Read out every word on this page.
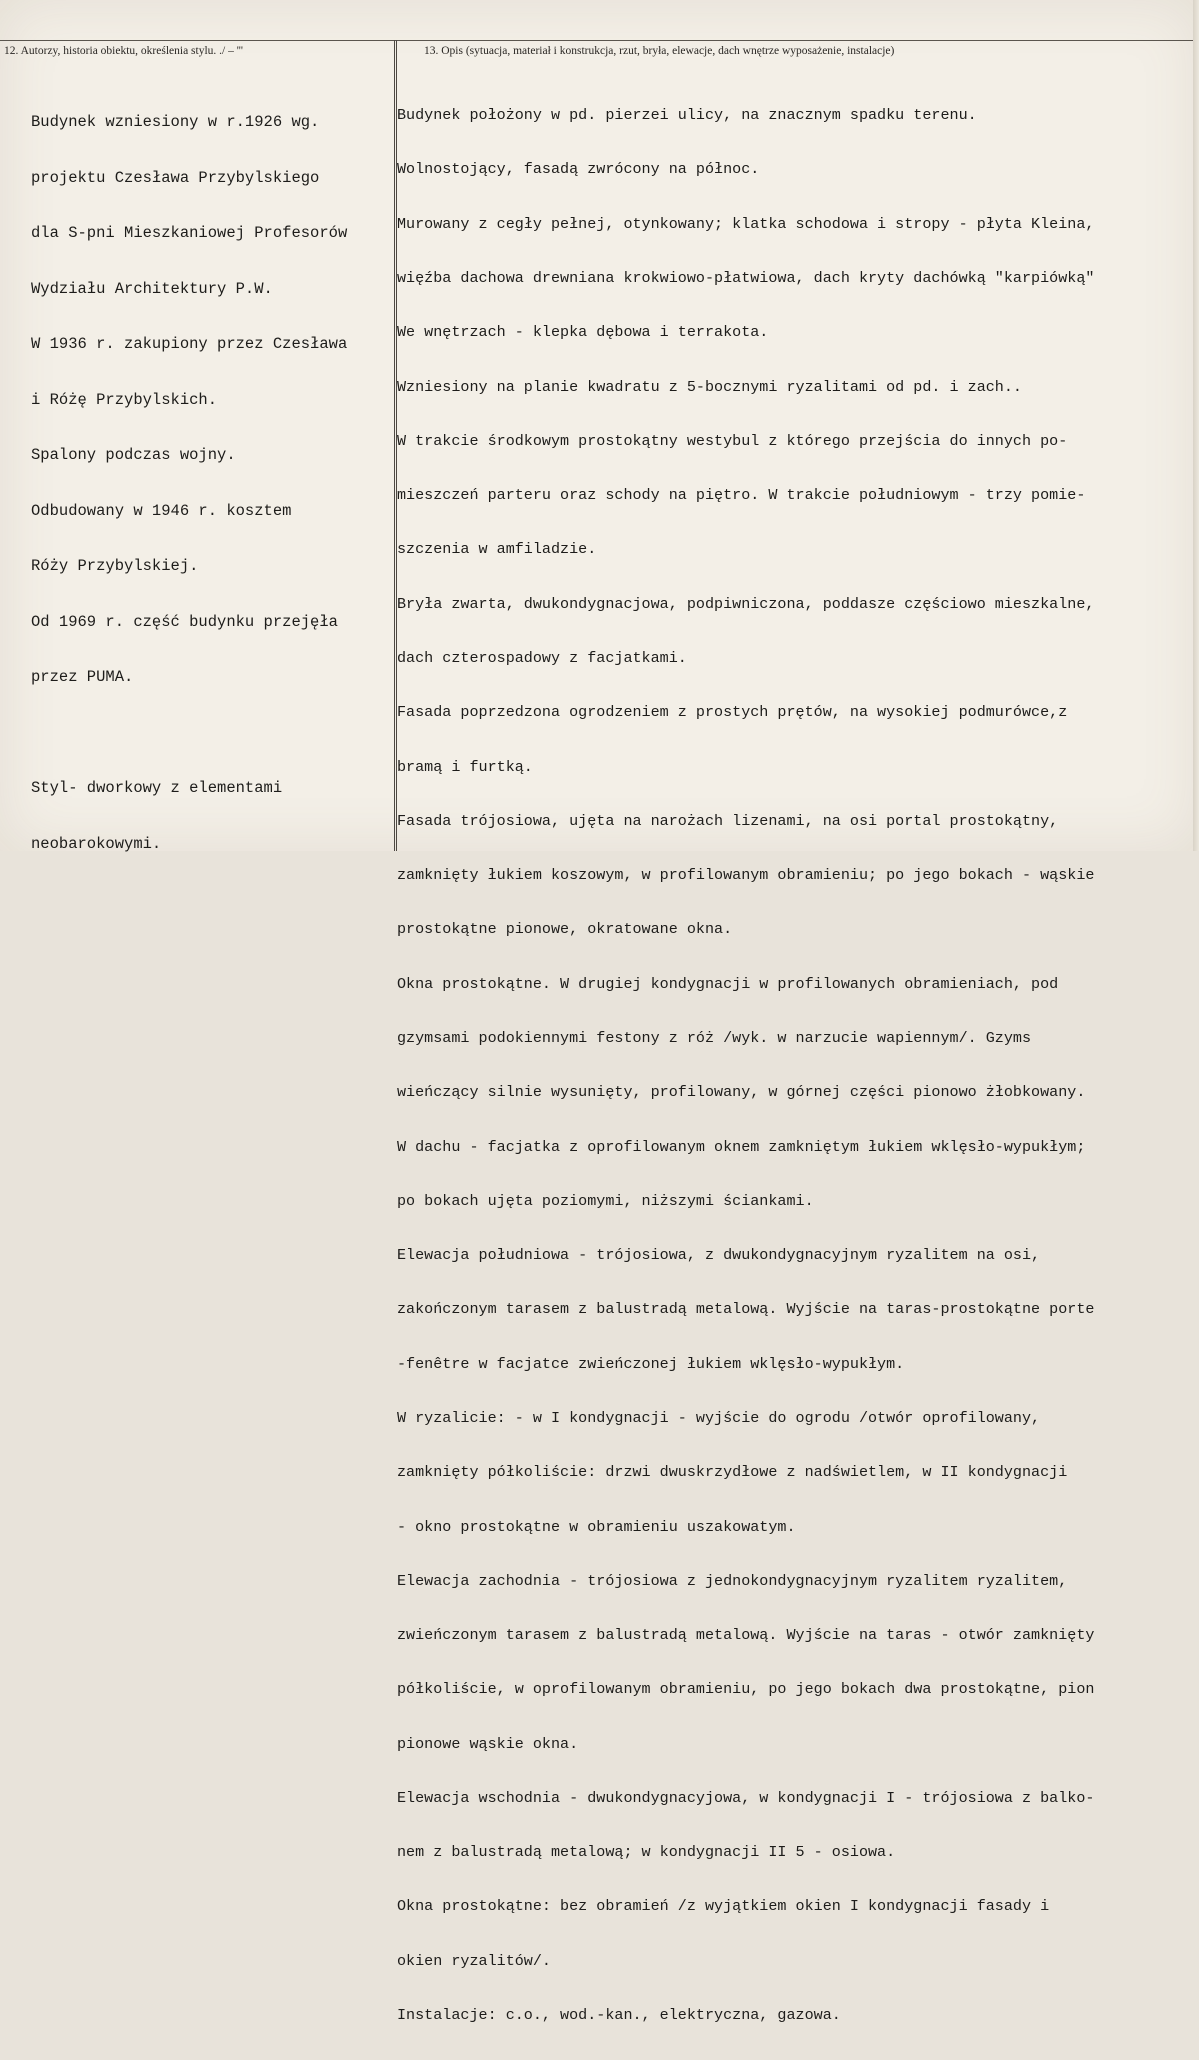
12. Autorzy, historia obiektu, określenia stylu. ./ – '''	13. Opis (sytuacja, materiał i konstrukcja, rzut, bryła, elewacje, dach wnętrze wyposażenie, instalacje)

Budynek wzniesiony w r.1926 wg.

projektu Czesława Przybylskiego

dla S-pni Mieszkaniowej Profesorów

Wydziału Architektury P.W.

W 1936 r. zakupiony przez Czesława

i Różę Przybylskich.

Spalony podczas wojny.

Odbudowany w 1946 r. kosztem

Róży Przybylskiej.

Od 1969 r. część budynku przejęła

przez PUMA.

Styl- dworkowy z elementami

neobarokowymi.

Budynek położony w pd. pierzei ulicy, na znacznym spadku terenu.

Wolnostojący, fasadą zwrócony na północ.

Murowany z cegły pełnej, otynkowany; klatka schodowa i stropy - płyta Kleina,

więźba dachowa drewniana krokwiowo-płatwiowa, dach kryty dachówką "karpiówką"

We wnętrzach - klepka dębowa i terrakota.

Wzniesiony na planie kwadratu z 5-bocznymi ryzalitami od pd. i zach..

W trakcie środkowym prostokątny westybul z którego przejścia do innych po-

mieszczeń parteru oraz schody na piętro. W trakcie południowym - trzy pomie-

szczenia w amfiladzie.

Bryła zwarta, dwukondygnacjowa, podpiwniczona, poddasze częściowo mieszkalne,

dach czterospadowy z facjatkami.

Fasada poprzedzona ogrodzeniem z prostych prętów, na wysokiej podmurówce,z

bramą i furtką.

Fasada trójosiowa, ujęta na narożach lizenami, na osi portal prostokątny,

zamknięty łukiem koszowym, w profilowanym obramieniu; po jego bokach - wąskie

prostokątne pionowe, okratowane okna.

Okna prostokątne. W drugiej kondygnacji w profilowanych obramieniach, pod

gzymsami podokiennymi festony z róż /wyk. w narzucie wapiennym/. Gzyms

wieńczący silnie wysunięty, profilowany, w górnej części pionowo żłobkowany.

W dachu - facjatka z oprofilowanym oknem zamkniętym łukiem wklęsło-wypukłym;

po bokach ujęta poziomymi, niższymi ściankami.

Elewacja południowa - trójosiowa, z dwukondygnacyjnym ryzalitem na osi,

zakończonym tarasem z balustradą metalową. Wyjście na taras-prostokątne porte

-fenêtre w facjatce zwieńczonej łukiem wklęsło-wypukłym.

W ryzalicie: - w I kondygnacji - wyjście do ogrodu /otwór oprofilowany,

zamknięty półkoliście: drzwi dwuskrzydłowe z nadświetlem, w II kondygnacji

- okno prostokątne w obramieniu uszakowatym.

Elewacja zachodnia - trójosiowa z jednokondygnacyjnym ryzalitem ryzalitem,

zwieńczonym tarasem z balustradą metalową. Wyjście na taras - otwór zamknięty

półkoliście, w oprofilowanym obramieniu, po jego bokach dwa prostokątne, pion

pionowe wąskie okna.

Elewacja wschodnia - dwukondygnacyjowa, w kondygnacji I - trójosiowa z balko-

nem z balustradą metalową; w kondygnacji II 5 - osiowa.

Okna prostokątne: bez obramień /z wyjątkiem okien I kondygnacji fasady i

okien ryzalitów/.

Instalacje: c.o., wod.-kan., elektryczna, gazowa.
